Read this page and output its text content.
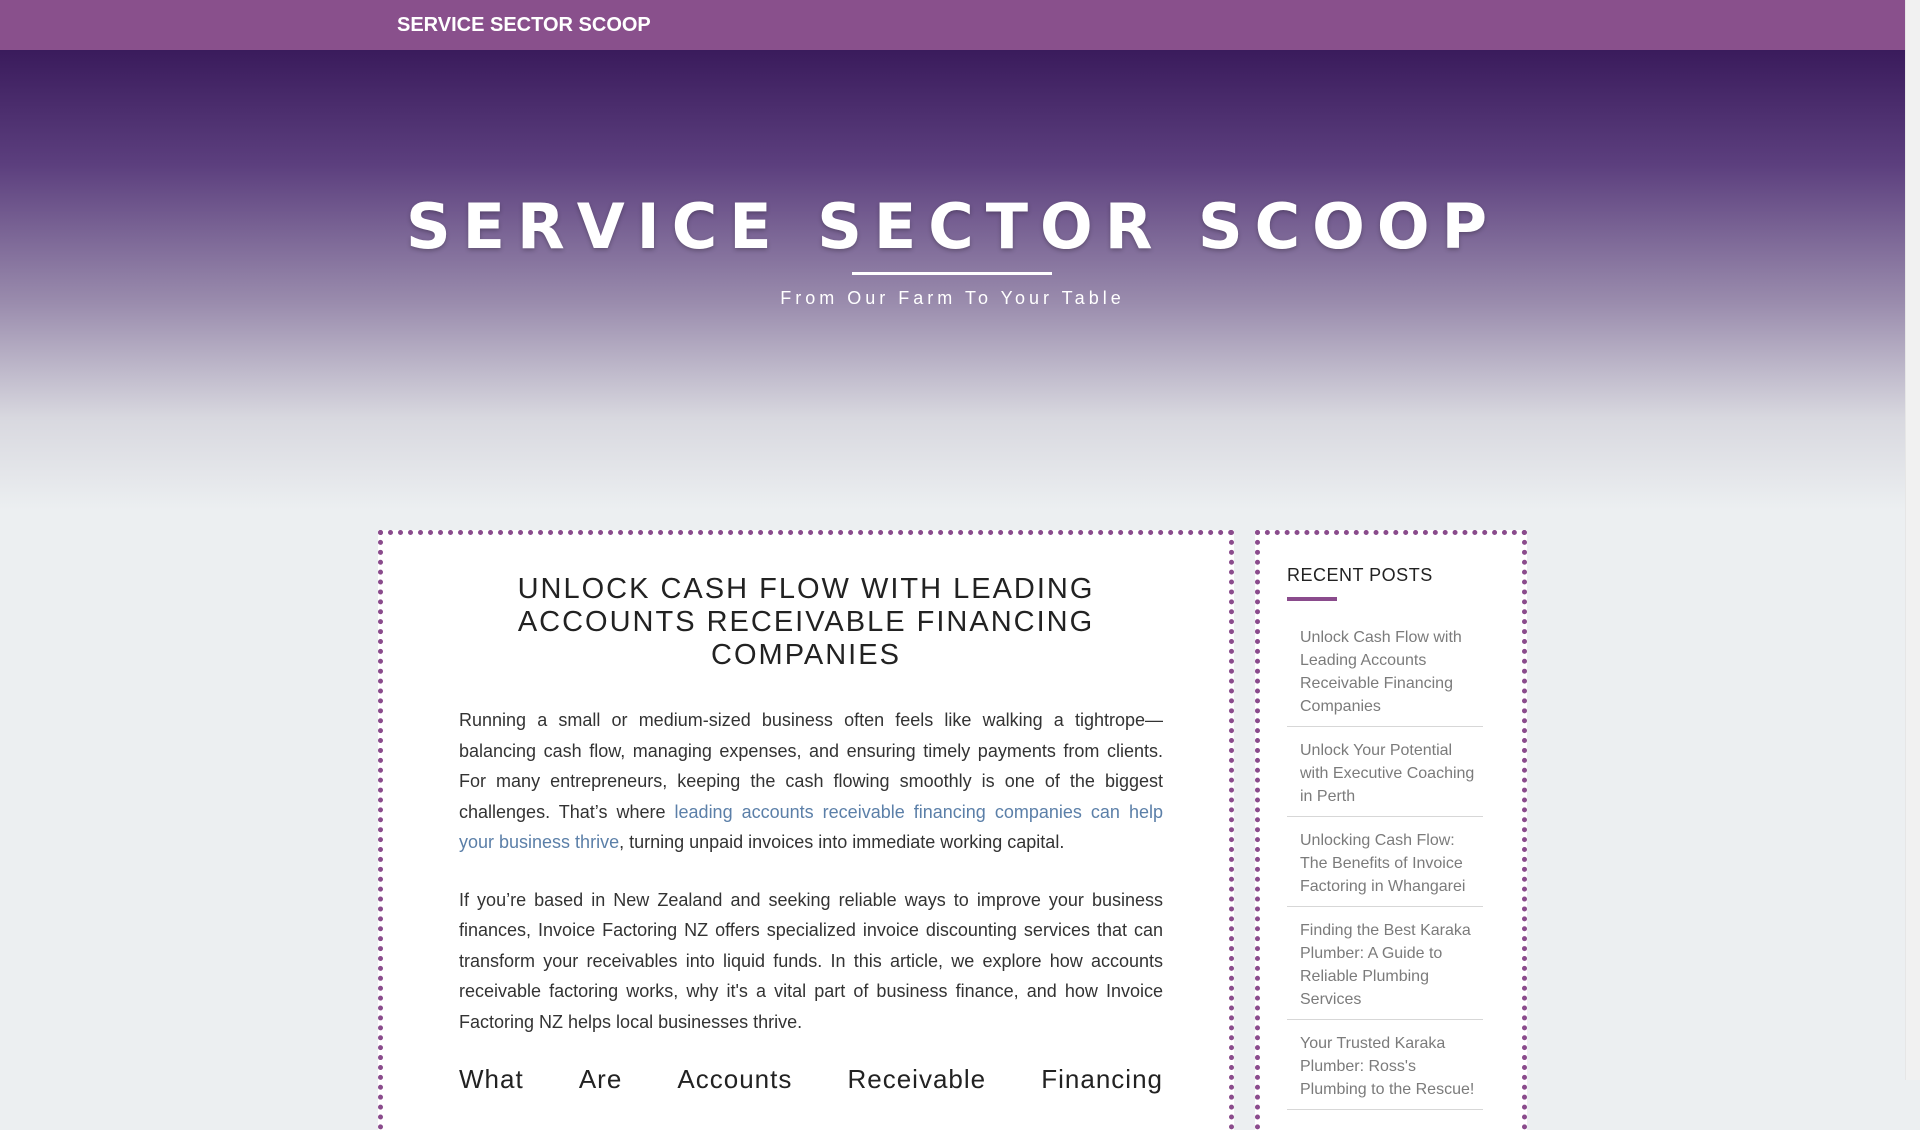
SERVICE SECTOR SCOOP
SERVICE SECTOR SCOOP
From Our Farm To Your Table
UNLOCK CASH FLOW WITH LEADING ACCOUNTS RECEIVABLE FINANCING COMPANIES

Running a small or medium-sized business often feels like walking a tightrope—balancing cash flow, managing expenses, and ensuring timely payments from clients. For many entrepreneurs, keeping the cash flowing smoothly is one of the biggest challenges. That’s where leading accounts receivable financing companies can help your business thrive, turning unpaid invoices into immediate working capital.

If you’re based in New Zealand and seeking reliable ways to improve your business finances, Invoice Factoring NZ offers specialized invoice discounting services that can transform your receivables into liquid funds. In this article, we explore how accounts receivable factoring works, why it's a vital part of business finance, and how Invoice Factoring NZ helps local businesses thrive.

What Are Accounts Receivable Financing
RECENT POSTS
Unlock Cash Flow with Leading Accounts Receivable Financing Companies
Unlock Your Potential with Executive Coaching in Perth
Unlocking Cash Flow: The Benefits of Invoice Factoring in Whangarei
Finding the Best Karaka Plumber: A Guide to Reliable Plumbing Services
Your Trusted Karaka Plumber: Ross's Plumbing to the Rescue!
